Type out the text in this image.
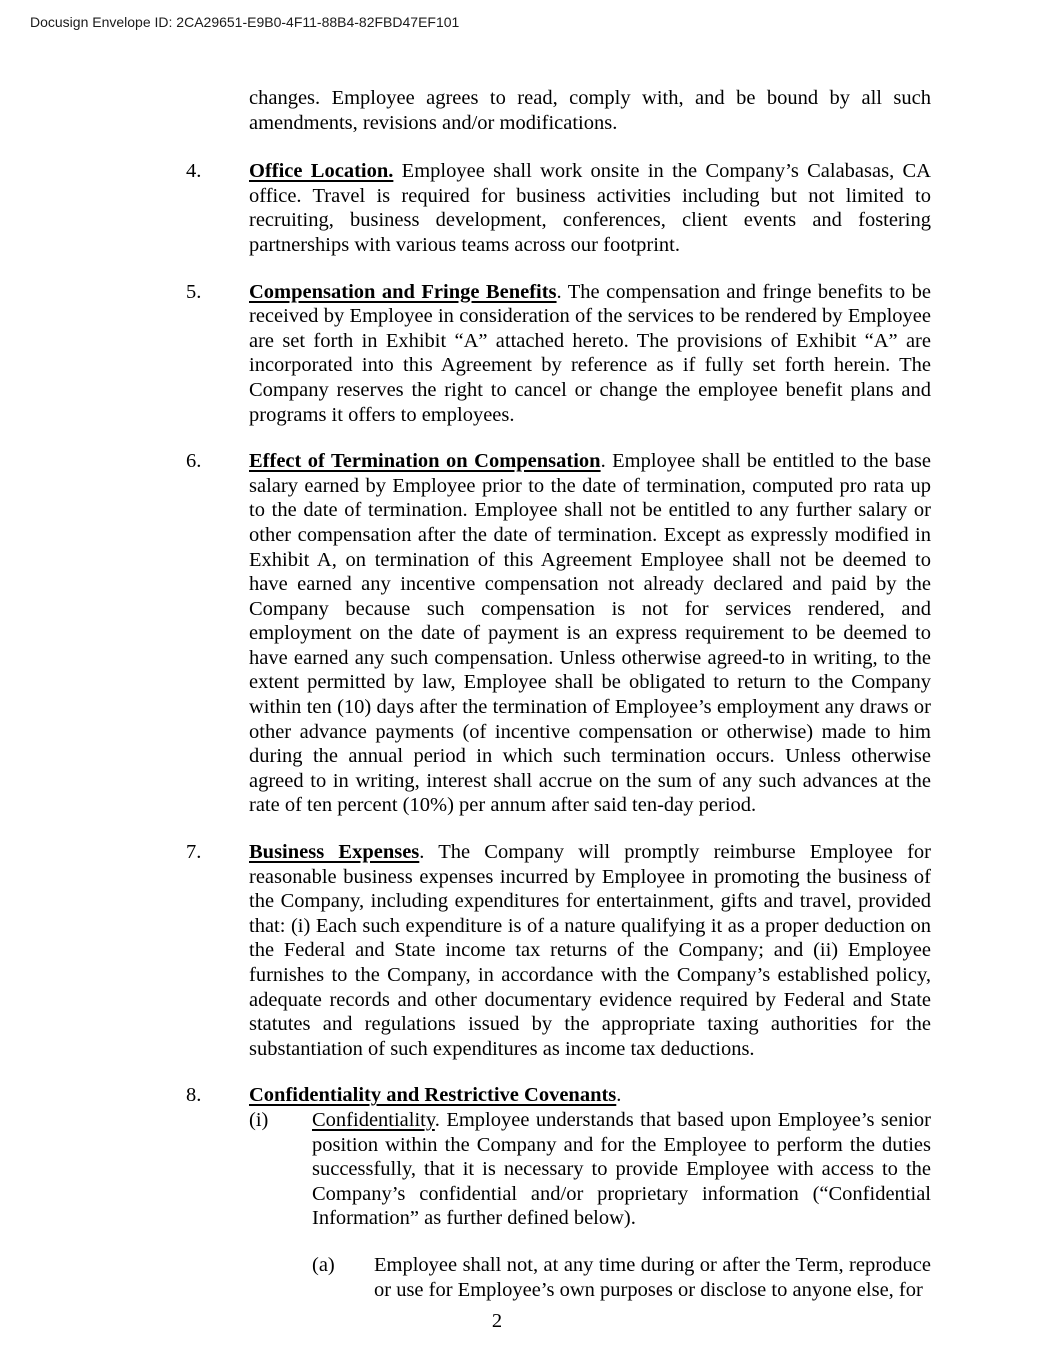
Docusign Envelope ID: 2CA29651-E9B0-4F11-88B4-82FBD47EF101

changes. Employee agrees to read, comply with, and be bound by all such amendments, revisions and/or modifications.

4.	Office Location. Employee shall work onsite in the Company’s Calabasas, CA office. Travel is required for business activities including but not limited to recruiting, business development, conferences, client events and fostering partnerships with various teams across our footprint.
5.	Compensation and Fringe Benefits. The compensation and fringe benefits to be received by Employee in consideration of the services to be rendered by Employee are set forth in Exhibit “A” attached hereto. The provisions of Exhibit “A” are incorporated into this Agreement by reference as if fully set forth herein. The Company reserves the right to cancel or change the employee benefit plans and programs it offers to employees.
6.	Effect of Termination on Compensation. Employee shall be entitled to the base salary earned by Employee prior to the date of termination, computed pro rata up to the date of termination. Employee shall not be entitled to any further salary or other compensation after the date of termination. Except as expressly modified in Exhibit A, on termination of this Agreement Employee shall not be deemed to have earned any incentive compensation not already declared and paid by the Company because such compensation is not for services rendered, and employment on the date of payment is an express requirement to be deemed to have earned any such compensation. Unless otherwise agreed-to in writing, to the extent permitted by law, Employee shall be obligated to return to the Company within ten (10) days after the termination of Employee’s employment any draws or other advance payments (of incentive compensation or otherwise) made to him during the annual period in which such termination occurs. Unless otherwise agreed to in writing, interest shall accrue on the sum of any such advances at the rate of ten percent (10%) per annum after said ten-day period.
7.	Business Expenses. The Company will promptly reimburse Employee for reasonable business expenses incurred by Employee in promoting the business of the Company, including expenditures for entertainment, gifts and travel, provided that: (i) Each such expenditure is of a nature qualifying it as a proper deduction on the Federal and State income tax returns of the Company; and (ii) Employee furnishes to the Company, in accordance with the Company’s established policy, adequate records and other documentary evidence required by Federal and State statutes and regulations issued by the appropriate taxing authorities for the substantiation of such expenditures as income tax deductions.
8.	Confidentiality and Restrictive Covenants.
(i)	Confidentiality. Employee understands that based upon Employee’s senior position within the Company and for the Employee to perform the duties successfully, that it is necessary to provide Employee with access to the Company’s confidential and/or proprietary information (“Confidential Information” as further defined below).
(a)	Employee shall not, at any time during or after the Term, reproduce or use for Employee’s own purposes or disclose to anyone else, for
2
